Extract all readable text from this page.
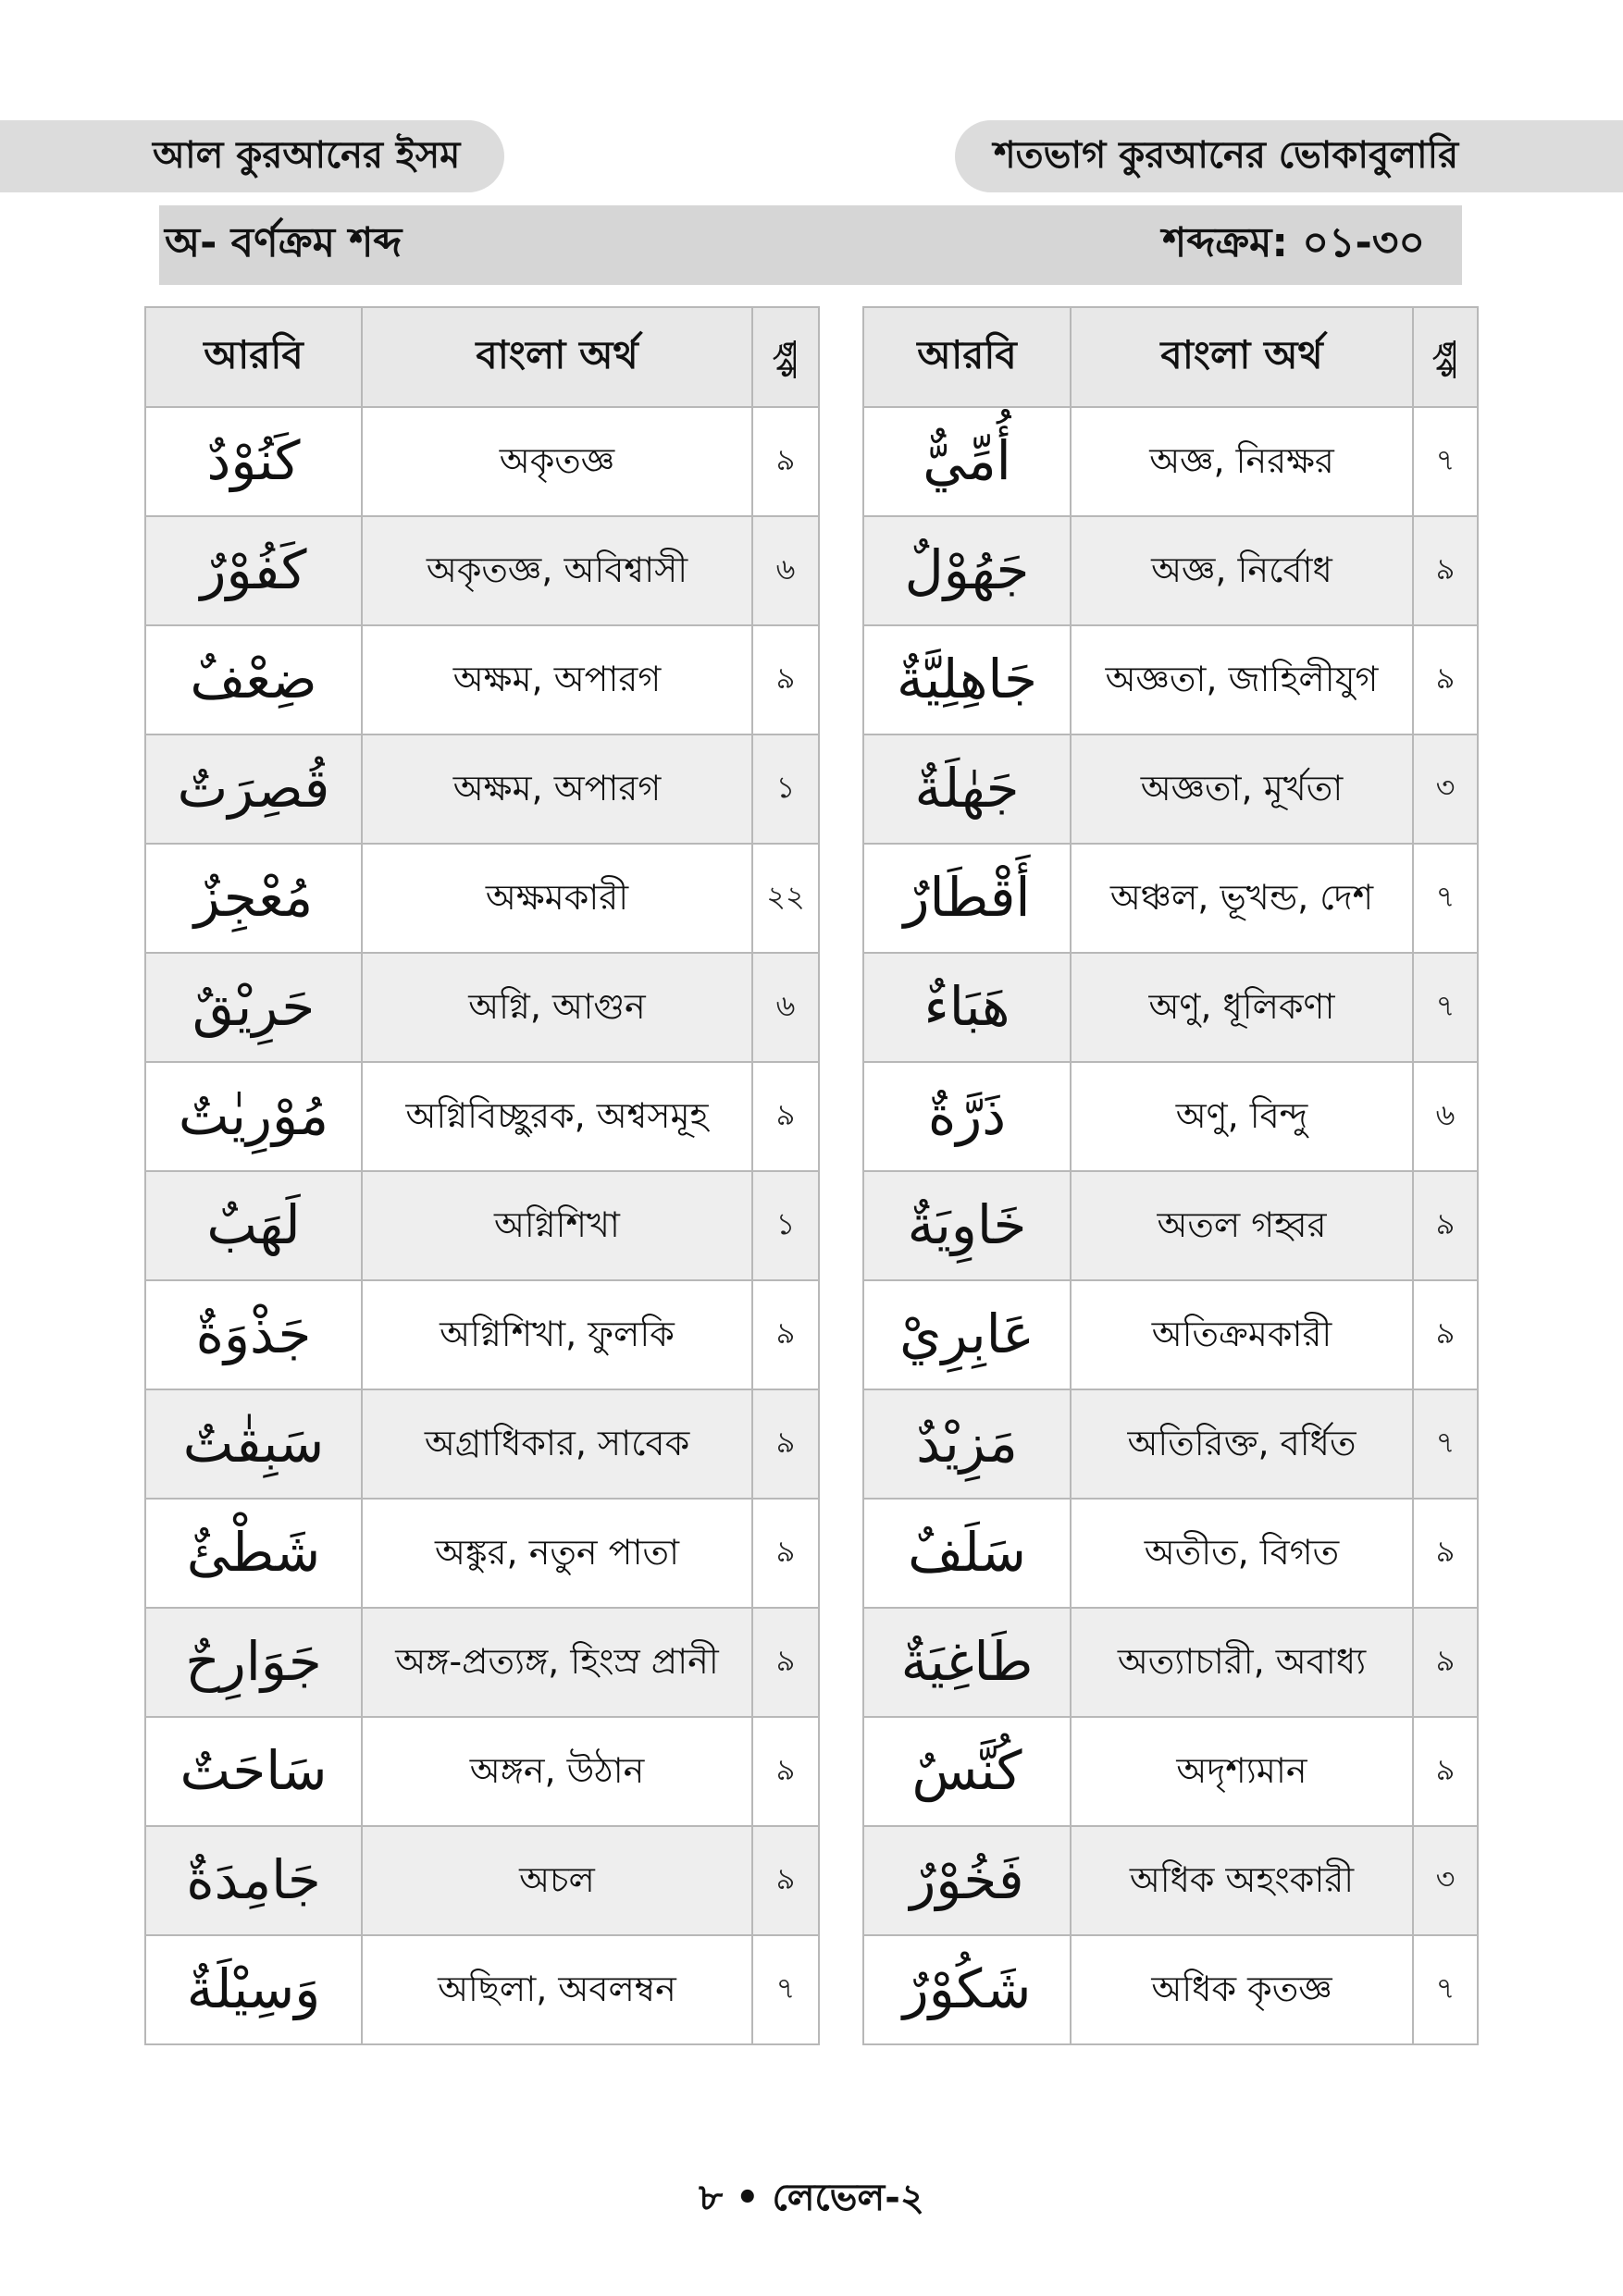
আল কুরআনের ইসম	শতভাগ কুরআনের ভোকাবুলারি
অ- বর্ণক্রম শব্দ	শব্দক্রম: ০১-৩০
আরবি	বাংলা অর্থ	ছক
كَنُوْدٌ	অকৃতজ্ঞ	৯
كَفُوْرٌ	অকৃতজ্ঞ, অবিশ্বাসী	৬
ضِعْفٌ	অক্ষম, অপারগ	৯
قُصِرَتٌ	অক্ষম, অপারগ	১
مُعْجِزٌ	অক্ষমকারী	২২
حَرِيْقٌ	অগ্নি, আগুন	৬
مُوْرِيٰتٌ	অগ্নিবিচ্ছুরক, অশ্বসমূহ	৯
لَهَبٌ	অগ্নিশিখা	১
جَذْوَةٌ	অগ্নিশিখা, ফুলকি	৯
سَبِقٰتٌ	অগ্রাধিকার, সাবেক	৯
شَطْئٌ	অঙ্কুর, নতুন পাতা	৯
جَوَارِحٌ	অঙ্গ-প্রত্যঙ্গ, হিংস্র প্রানী	৯
سَاحَتٌ	অঙ্গন, উঠান	৯
جَامِدَةٌ	অচল	৯
وَسِيْلَةٌ	অছিলা, অবলম্বন	৭
আরবি	বাংলা অর্থ	ছক
أُمِّيٌّ	অজ্ঞ, নিরক্ষর	৭
جَهُوْلٌ	অজ্ঞ, নির্বোধ	৯
جَاهِلِيَّةٌ	অজ্ঞতা, জাহিলীযুগ	৯
جَهٰلَةٌ	অজ্ঞতা, মূর্খতা	৩
أَقْطَارٌ	অঞ্চল, ভূখন্ড, দেশ	৭
هَبَاءٌ	অণু, ধূলিকণা	৭
ذَرَّةٌ	অণু, বিন্দু	৬
خَاوِيَةٌ	অতল গহ্বর	৯
عَابِرِيْ	অতিক্রমকারী	৯
مَزِيْدٌ	অতিরিক্ত, বর্ধিত	৭
سَلَفٌ	অতীত, বিগত	৯
طَاغِيَةٌ	অত্যাচারী, অবাধ্য	৯
كُنَّسٌ	অদৃশ্যমান	৯
فَخُوْرٌ	অধিক অহংকারী	৩
شَكُوْرٌ	অধিক কৃতজ্ঞ	৭
৮ • লেভেল-২
